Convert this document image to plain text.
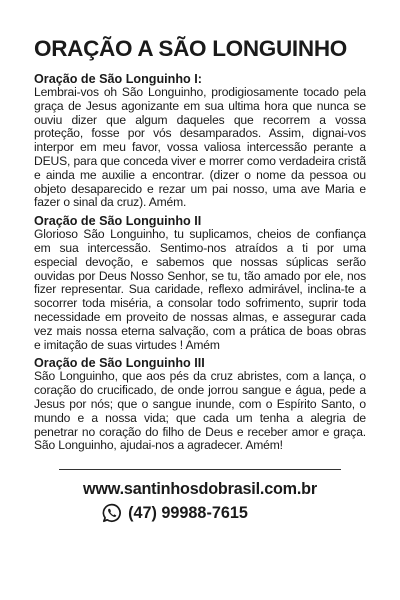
ORAÇÃO A SÃO LONGUINHO

Oração de São Longuinho I:

Lembrai-vos oh São Longuinho, prodigiosamente tocado pela graça de Jesus agonizante em sua ultima hora que nunca se ouviu dizer que algum daqueles que recorrem a vossa proteção, fosse por vós desamparados. Assim, dignai-vos interpor em meu favor, vossa valiosa intercessão perante a DEUS, para que conceda viver e morrer como verdadeira cristã e ainda me auxilie a encontrar. (dizer o nome da pessoa ou objeto desaparecido e rezar um pai nosso, uma ave Maria e fazer o sinal da cruz). Amém.

Oração de São Longuinho II

Glorioso São Longuinho, tu suplicamos, cheios de confiança em sua intercessão. Sentimo-nos atraídos a ti por uma especial devoção, e sabemos que nossas súplicas serão ouvidas por Deus Nosso Senhor, se tu, tão amado por ele, nos fizer representar. Sua caridade, reflexo admirável, inclina-te a socorrer toda miséria, a consolar todo sofrimento, suprir toda necessidade em proveito de nossas almas, e assegurar cada vez mais nossa eterna salvação, com a prática de boas obras e imitação de suas virtudes ! Amém

Oração de São Longuinho III

São Longuinho, que aos pés da cruz abristes, com a lança, o coração do crucificado, de onde jorrou sangue e água, pede a Jesus por nós; que o sangue inunde, com o Espírito Santo, o mundo e a nossa vida; que cada um tenha a alegria de penetrar no coração do filho de Deus e receber amor e graça. São Longuinho, ajudai-nos a agradecer. Amém!

www.santinhosdobrasil.com.br

(47) 99988-7615
